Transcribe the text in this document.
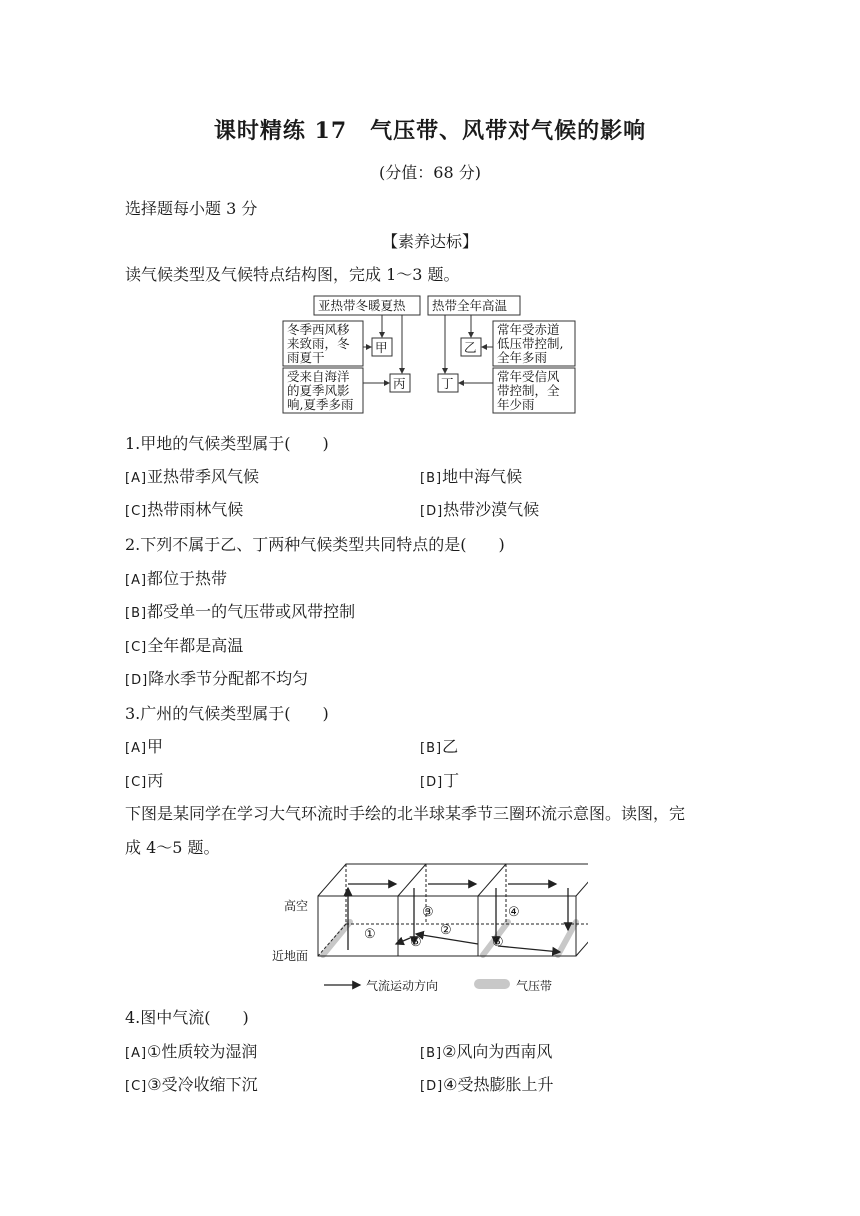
课时精练 17　气压带、风带对气候的影响
(分值：68 分)
选择题每小题 3 分
【素养达标】
读气候类型及气候特点结构图，完成 1～3 题。
亚热带冬暖夏热 热带全年高温
冬季西风移
来致雨，冬
雨夏干
受来自海洋
的夏季风影
响,夏季多雨
常年受赤道
低压带控制,
全年多雨
常年受信风
带控制，全
年少雨
甲
丙
乙
丁
1.甲地的气候类型属于(　　)
[A]亚热带季风气候	[B]地中海气候
[C]热带雨林气候	[D]热带沙漠气候
2.下列不属于乙、丁两种气候类型共同特点的是(　　)
[A]都位于热带
[B]都受单一的气压带或风带控制
[C]全年都是高温
[D]降水季节分配都不均匀
3.广州的气候类型属于(　　)
[A]甲	[B]乙
[C]丙	[D]丁
下图是某同学在学习大气环流时手绘的北半球某季节三圈环流示意图。读图，完
成 4～5 题。
高空
近地面
①	②
③	④
⑤	⑥
气流运动方向	气压带
4.图中气流(　　)
[A]①性质较为湿润	[B]②风向为西南风
[C]③受冷收缩下沉	[D]④受热膨胀上升
